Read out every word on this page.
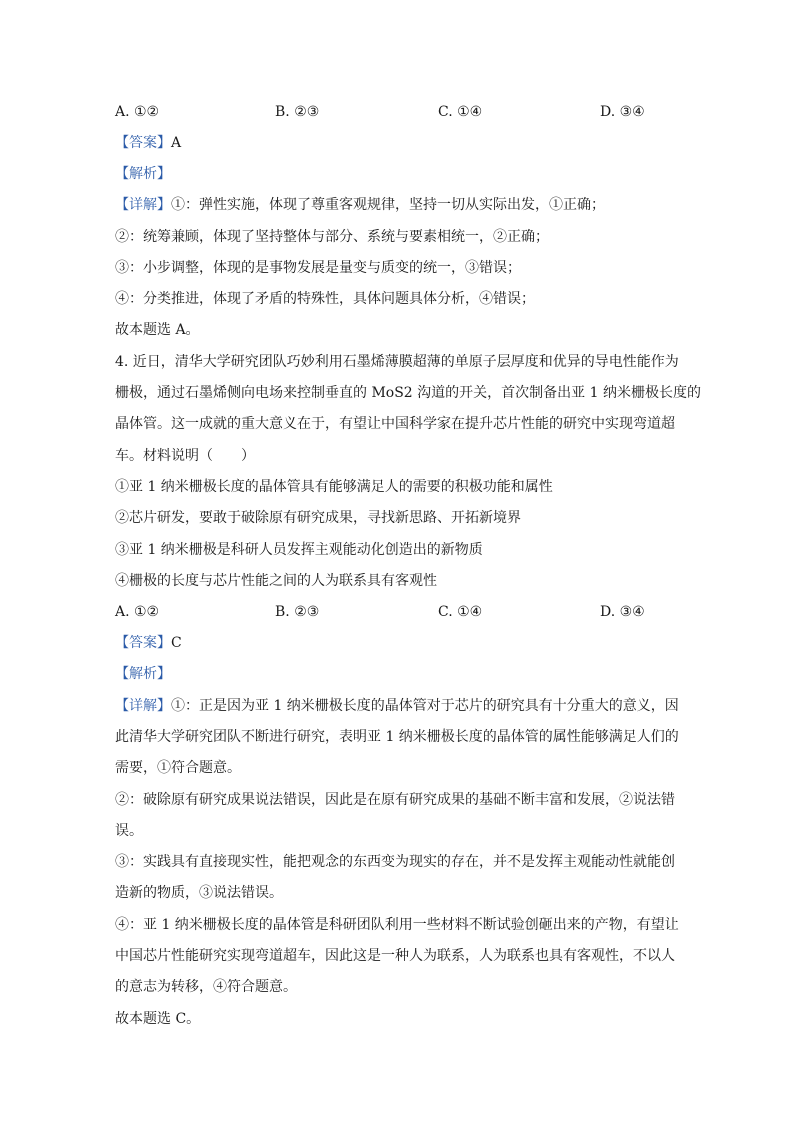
A. ①②	B. ②③	C. ①④	D. ③④
【答案】A
【解析】
【详解】①：弹性实施，体现了尊重客观规律，坚持一切从实际出发，①正确；
②：统筹兼顾，体现了坚持整体与部分、系统与要素相统一，②正确；
③：小步调整，体现的是事物发展是量变与质变的统一，③错误；
④：分类推进，体现了矛盾的特殊性，具体问题具体分析，④错误；
故本题选 A。
4. 近日，清华大学研究团队巧妙利用石墨烯薄膜超薄的单原子层厚度和优异的导电性能作为
栅极，通过石墨烯侧向电场来控制垂直的 MoS2 沟道的开关，首次制备出亚 1 纳米栅极长度的
晶体管。这一成就的重大意义在于，有望让中国科学家在提升芯片性能的研究中实现弯道超
车。材料说明（　　）
①亚 1 纳米栅极长度的晶体管具有能够满足人的需要的积极功能和属性
②芯片研发，要敢于破除原有研究成果，寻找新思路、开拓新境界
③亚 1 纳米栅极是科研人员发挥主观能动化创造出的新物质
④栅极的长度与芯片性能之间的人为联系具有客观性
A. ①②	B. ②③	C. ①④	D. ③④
【答案】C
【解析】
【详解】①：正是因为亚 1 纳米栅极长度的晶体管对于芯片的研究具有十分重大的意义，因
此清华大学研究团队不断进行研究，表明亚 1 纳米栅极长度的晶体管的属性能够满足人们的
需要，①符合题意。
②：破除原有研究成果说法错误，因此是在原有研究成果的基础不断丰富和发展，②说法错
误。
③：实践具有直接现实性，能把观念的东西变为现实的存在，并不是发挥主观能动性就能创
造新的物质，③说法错误。
④：亚 1 纳米栅极长度的晶体管是科研团队利用一些材料不断试验创砸出来的产物，有望让
中国芯片性能研究实现弯道超车，因此这是一种人为联系，人为联系也具有客观性，不以人
的意志为转移，④符合题意。
故本题选 C。
